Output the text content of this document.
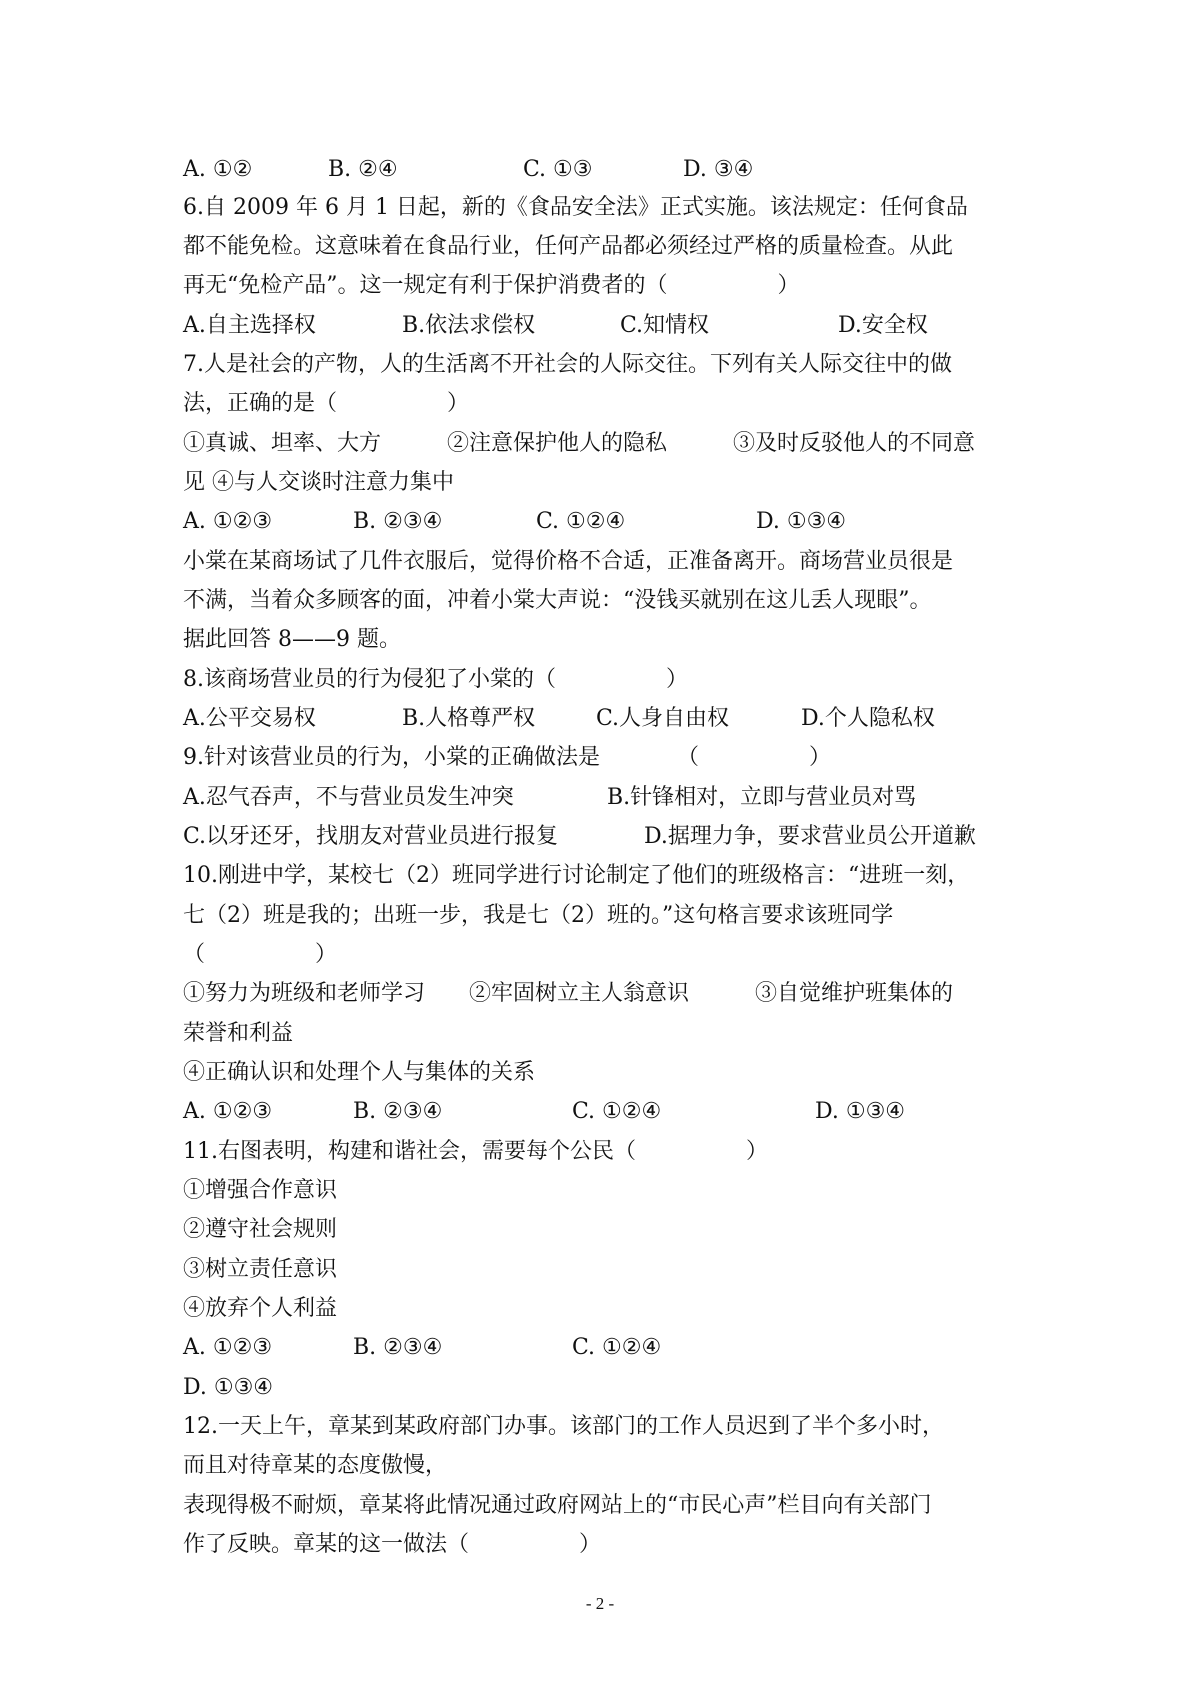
A. ①②	B. ②④	C. ①③	D. ③④
6.自 2009 年 6 月 1 日起，新的《食品安全法》正式实施。该法规定：任何食品
都不能免检。这意味着在食品行业，任何产品都必须经过严格的质量检查。从此
再无“免检产品”。这一规定有利于保护消费者的（　　　　　）
A.自主选择权	B.依法求偿权	C.知情权	D.安全权
7.人是社会的产物，人的生活离不开社会的人际交往。下列有关人际交往中的做
法，正确的是（　　　　　）
①真诚、坦率、大方　　　②注意保护他人的隐私　　　③及时反驳他人的不同意
见 ④与人交谈时注意力集中
A. ①②③	B. ②③④	C. ①②④	D. ①③④
小棠在某商场试了几件衣服后，觉得价格不合适，正准备离开。商场营业员很是
不满，当着众多顾客的面，冲着小棠大声说：“没钱买就别在这儿丢人现眼”。
据此回答 8——9 题。
8.该商场营业员的行为侵犯了小棠的（　　　　　）
A.公平交易权	B.人格尊严权	C.人身自由权	D.个人隐私权
9.针对该营业员的行为，小棠的正确做法是　　　　（　　　　　）
A.忍气吞声，不与营业员发生冲突	B.针锋相对，立即与营业员对骂
C.以牙还牙，找朋友对营业员进行报复	D.据理力争，要求营业员公开道歉
10.刚进中学，某校七（2）班同学进行讨论制定了他们的班级格言：“进班一刻，
七（2）班是我的；出班一步，我是七（2）班的。”这句格言要求该班同学
（　　　　　）
①努力为班级和老师学习　　②牢固树立主人翁意识　　　③自觉维护班集体的
荣誉和利益
④正确认识和处理个人与集体的关系
A. ①②③	B. ②③④	C. ①②④	D. ①③④
11.右图表明，构建和谐社会，需要每个公民（　　　　　）
①增强合作意识
②遵守社会规则
③树立责任意识
④放弃个人利益
A. ①②③	B. ②③④	C. ①②④
D. ①③④
12.一天上午，章某到某政府部门办事。该部门的工作人员迟到了半个多小时，
而且对待章某的态度傲慢，
表现得极不耐烦，章某将此情况通过政府网站上的“市民心声”栏目向有关部门
作了反映。章某的这一做法（　　　　　）
- 2 -
